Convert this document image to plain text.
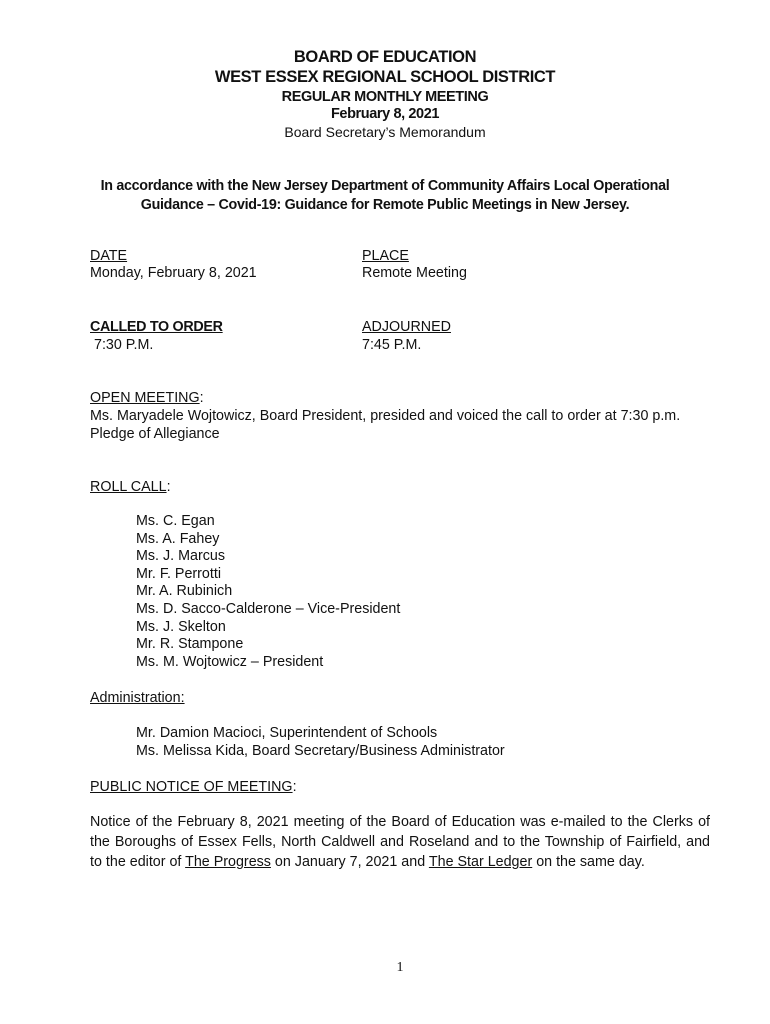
BOARD OF EDUCATION
WEST ESSEX REGIONAL SCHOOL DISTRICT
REGULAR MONTHLY MEETING
February 8, 2021
Board Secretary’s Memorandum
In accordance with the New Jersey Department of Community Affairs Local Operational
Guidance – Covid-19: Guidance for Remote Public Meetings in New Jersey.
DATE
Monday, February 8, 2021
PLACE
Remote Meeting
CALLED TO ORDER
7:30 P.M.
ADJOURNED
7:45 P.M.
OPEN MEETING:
Ms. Maryadele Wojtowicz, Board President, presided and voiced the call to order at 7:30 p.m.
Pledge of Allegiance
ROLL CALL:
Ms. C. Egan
Ms. A. Fahey
Ms. J. Marcus
Mr. F. Perrotti
Mr. A. Rubinich
Ms. D. Sacco-Calderone – Vice-President
Ms. J. Skelton
Mr. R. Stampone
Ms. M. Wojtowicz – President
Administration:
Mr. Damion Macioci, Superintendent of Schools
Ms. Melissa Kida, Board Secretary/Business Administrator
PUBLIC NOTICE OF MEETING:
Notice of the February 8, 2021 meeting of the Board of Education was e-mailed to the Clerks of the Boroughs of Essex Fells, North Caldwell and Roseland and to the Township of Fairfield, and to the editor of The Progress on January 7, 2021 and The Star Ledger on the same day.
1
